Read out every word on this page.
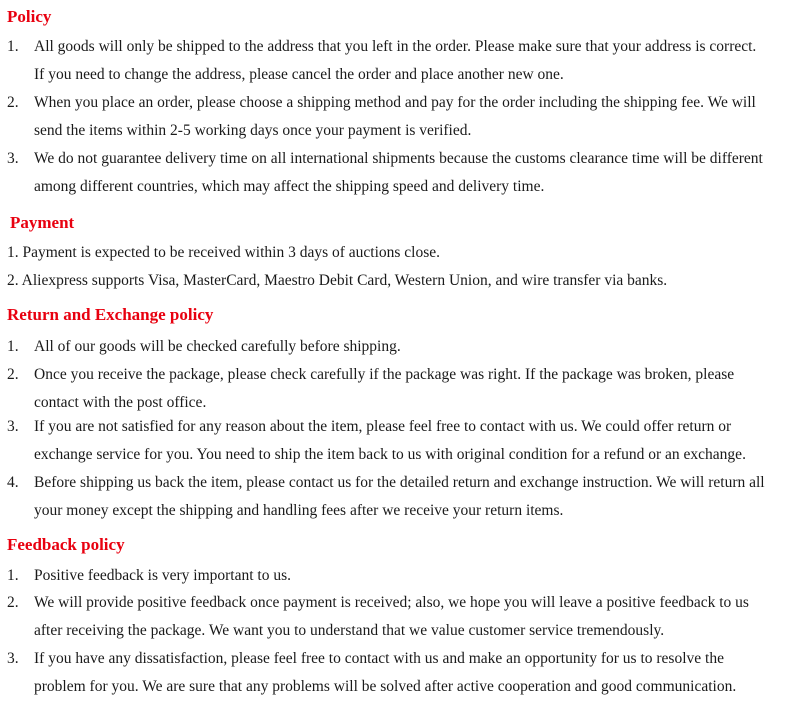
Policy
1. All goods will only be shipped to the address that you left in the order. Please make sure that your address is correct.
If you need to change the address, please cancel the order and place another new one.
2. When you place an order, please choose a shipping method and pay for the order including the shipping fee. We will
send the items within 2-5 working days once your payment is verified.
3. We do not guarantee delivery time on all international shipments because the customs clearance time will be different
among different countries, which may affect the shipping speed and delivery time.
Payment
1. Payment is expected to be received within 3 days of auctions close.
2. Aliexpress supports Visa, MasterCard, Maestro Debit Card, Western Union, and wire transfer via banks.
Return and Exchange policy
1. All of our goods will be checked carefully before shipping.
2. Once you receive the package, please check carefully if the package was right. If the package was broken, please
contact with the post office.
3. If you are not satisfied for any reason about the item, please feel free to contact with us. We could offer return or
exchange service for you. You need to ship the item back to us with original condition for a refund or an exchange.
4. Before shipping us back the item, please contact us for the detailed return and exchange instruction. We will return all
your money except the shipping and handling fees after we receive your return items.
Feedback policy
1. Positive feedback is very important to us.
2. We will provide positive feedback once payment is received; also, we hope you will leave a positive feedback to us
after receiving the package. We want you to understand that we value customer service tremendously.
3. If you have any dissatisfaction, please feel free to contact with us and make an opportunity for us to resolve the
problem for you. We are sure that any problems will be solved after active cooperation and good communication.
